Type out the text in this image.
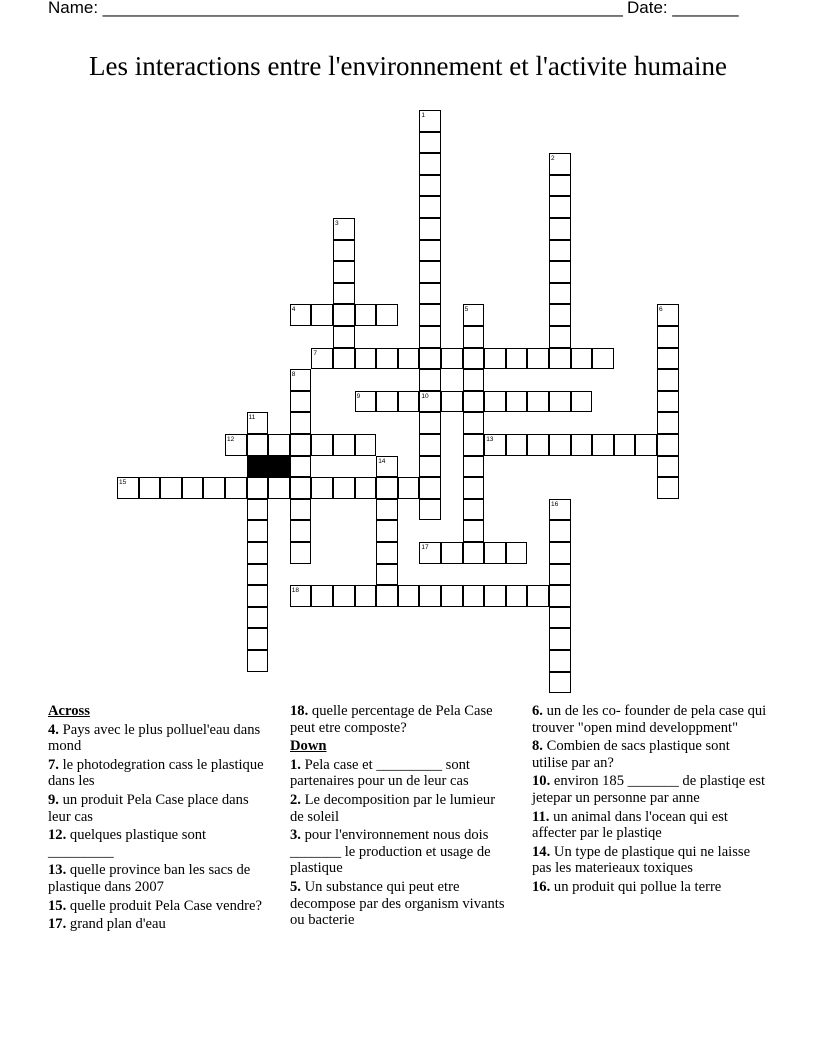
Name: _______________________________________________________ Date: _______
Les interactions entre l'environnement et l'activite humaine
1
10
2
3
4	5	6
7
8
9
11
12	13
14
15
16
17
18
Across
4. Pays avec le plus polluel'eau dans mond
7. le photodegration cass le plastique dans les
9. un produit Pela Case place dans leur cas
12. quelques plastique sont _________
13. quelle province ban les sacs de plastique dans 2007
15. quelle produit Pela Case vendre?
17. grand plan d'eau
18. quelle percentage de Pela Case peut etre composte?
Down
1. Pela case et _________ sont partenaires pour un de leur cas
2. Le decomposition par le lumieur de soleil
3. pour l'environnement nous dois _______ le production et usage de plastique
5. Un substance qui peut etre decompose par des organism vivants ou bacterie
6. un de les co- founder de pela case qui trouver "open mind developpment"
8. Combien de sacs plastique sont utilise par an?
10. environ 185 _______ de plastiqe est jetepar un personne par anne
11. un animal dans l'ocean qui est affecter par le plastiqe
14. Un type de plastique qui ne laisse pas les materieaux toxiques
16. un produit qui pollue la terre
